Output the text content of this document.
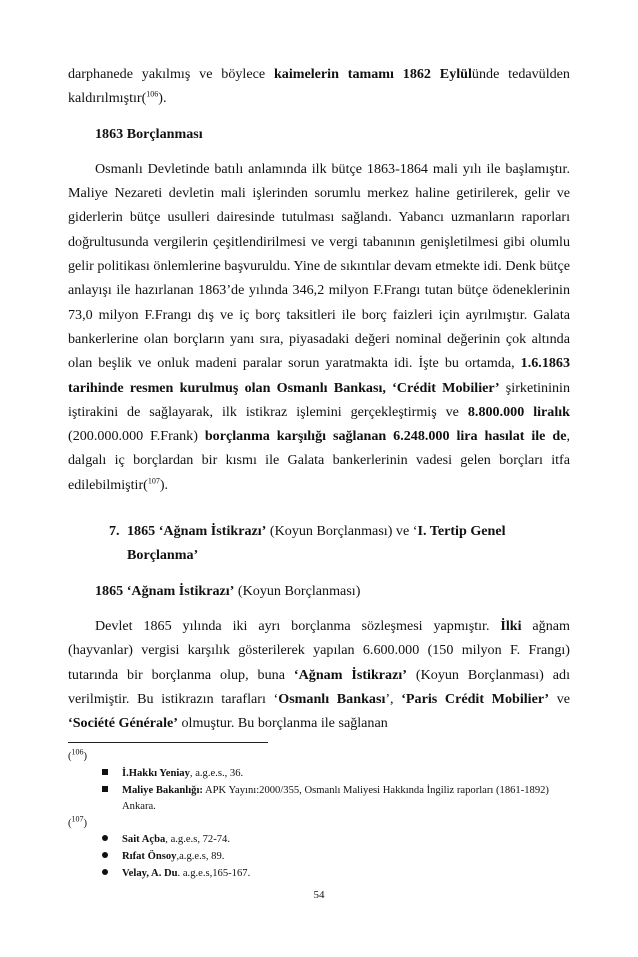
darphanede yakılmış ve böylece kaimelerin tamamı 1862 Eylülünde tedavülden kaldırılmıştır($^{106}$).

1863 Borçlanması

Osmanlı Devletinde batılı anlamında ilk bütçe 1863-1864 mali yılı ile başlamıştır. Maliye Nezareti devletin mali işlerinden sorumlu merkez haline getirilerek, gelir ve giderlerin bütçe usulleri dairesinde tutulması sağlandı. Yabancı uzmanların raporları doğrultusunda vergilerin çeşitlendirilmesi ve vergi tabanının genişletilmesi gibi olumlu gelir politikası önlemlerine başvuruldu. Yine de sıkıntılar devam etmekte idi. Denk bütçe anlayışı ile hazırlanan 1863’de yılında 346,2 milyon F.Frangı tutan bütçe ödeneklerinin 73,0 milyon F.Frangı dış ve iç borç taksitleri ile borç faizleri için ayrılmıştır. Galata bankerlerine olan borçların yanı sıra, piyasadaki değeri nominal değerinin çok altında olan beşlik ve onluk madeni paralar sorun yaratmakta idi. İşte bu ortamda, 1.6.1863 tarihinde resmen kurulmuş olan Osmanlı Bankası, ‘Crédit Mobilier’ şirketininin iştirakini de sağlayarak, ilk istikraz işlemini gerçekleştirmiş ve 8.800.000 liralık (200.000.000 F.Frank) borçlanma karşılığı sağlanan 6.248.000 lira hasılat ile de, dalgalı iç borçlardan bir kısmı ile Galata bankerlerinin vadesi gelen borçları itfa edilebilmiştir($^{107}$).

7. 1865 ‘Ağnam İstikrazı’ (Koyun Borçlanması) ve ‘I. Tertip Genel Borçlanma’
1865 ‘Ağnam İstikrazı’ (Koyun Borçlanması)

Devlet 1865 yılında iki ayrı borçlanma sözleşmesi yapmıştır. İlki ağnam (hayvanlar) vergisi karşılık gösterilerek yapılan 6.600.000 (150 milyon F. Frangı) tutarında bir borçlanma olup, buna ‘Ağnam İstikrazı’ (Koyun Borçlanması) adı verilmiştir. Bu istikrazın tarafları ‘Osmanlı Bankası’, ‘Paris Crédit Mobilier’ ve ‘Société Générale’ olmuştur. Bu borçlanma ile sağlanan

($^{106}$)
İ.Hakkı Yeniay, a.g.e.s., 36.
Maliye Bakanlığı: APK Yayını:2000/355, Osmanlı Maliyesi Hakkında İngiliz raporları (1861-1892) Ankara.
($^{107}$)
Sait Açba, a.g.e.s, 72-74.
Rıfat Önsoy,a.g.e.s, 89.
Velay, A. Du. a.g.e.s,165-167.
54
